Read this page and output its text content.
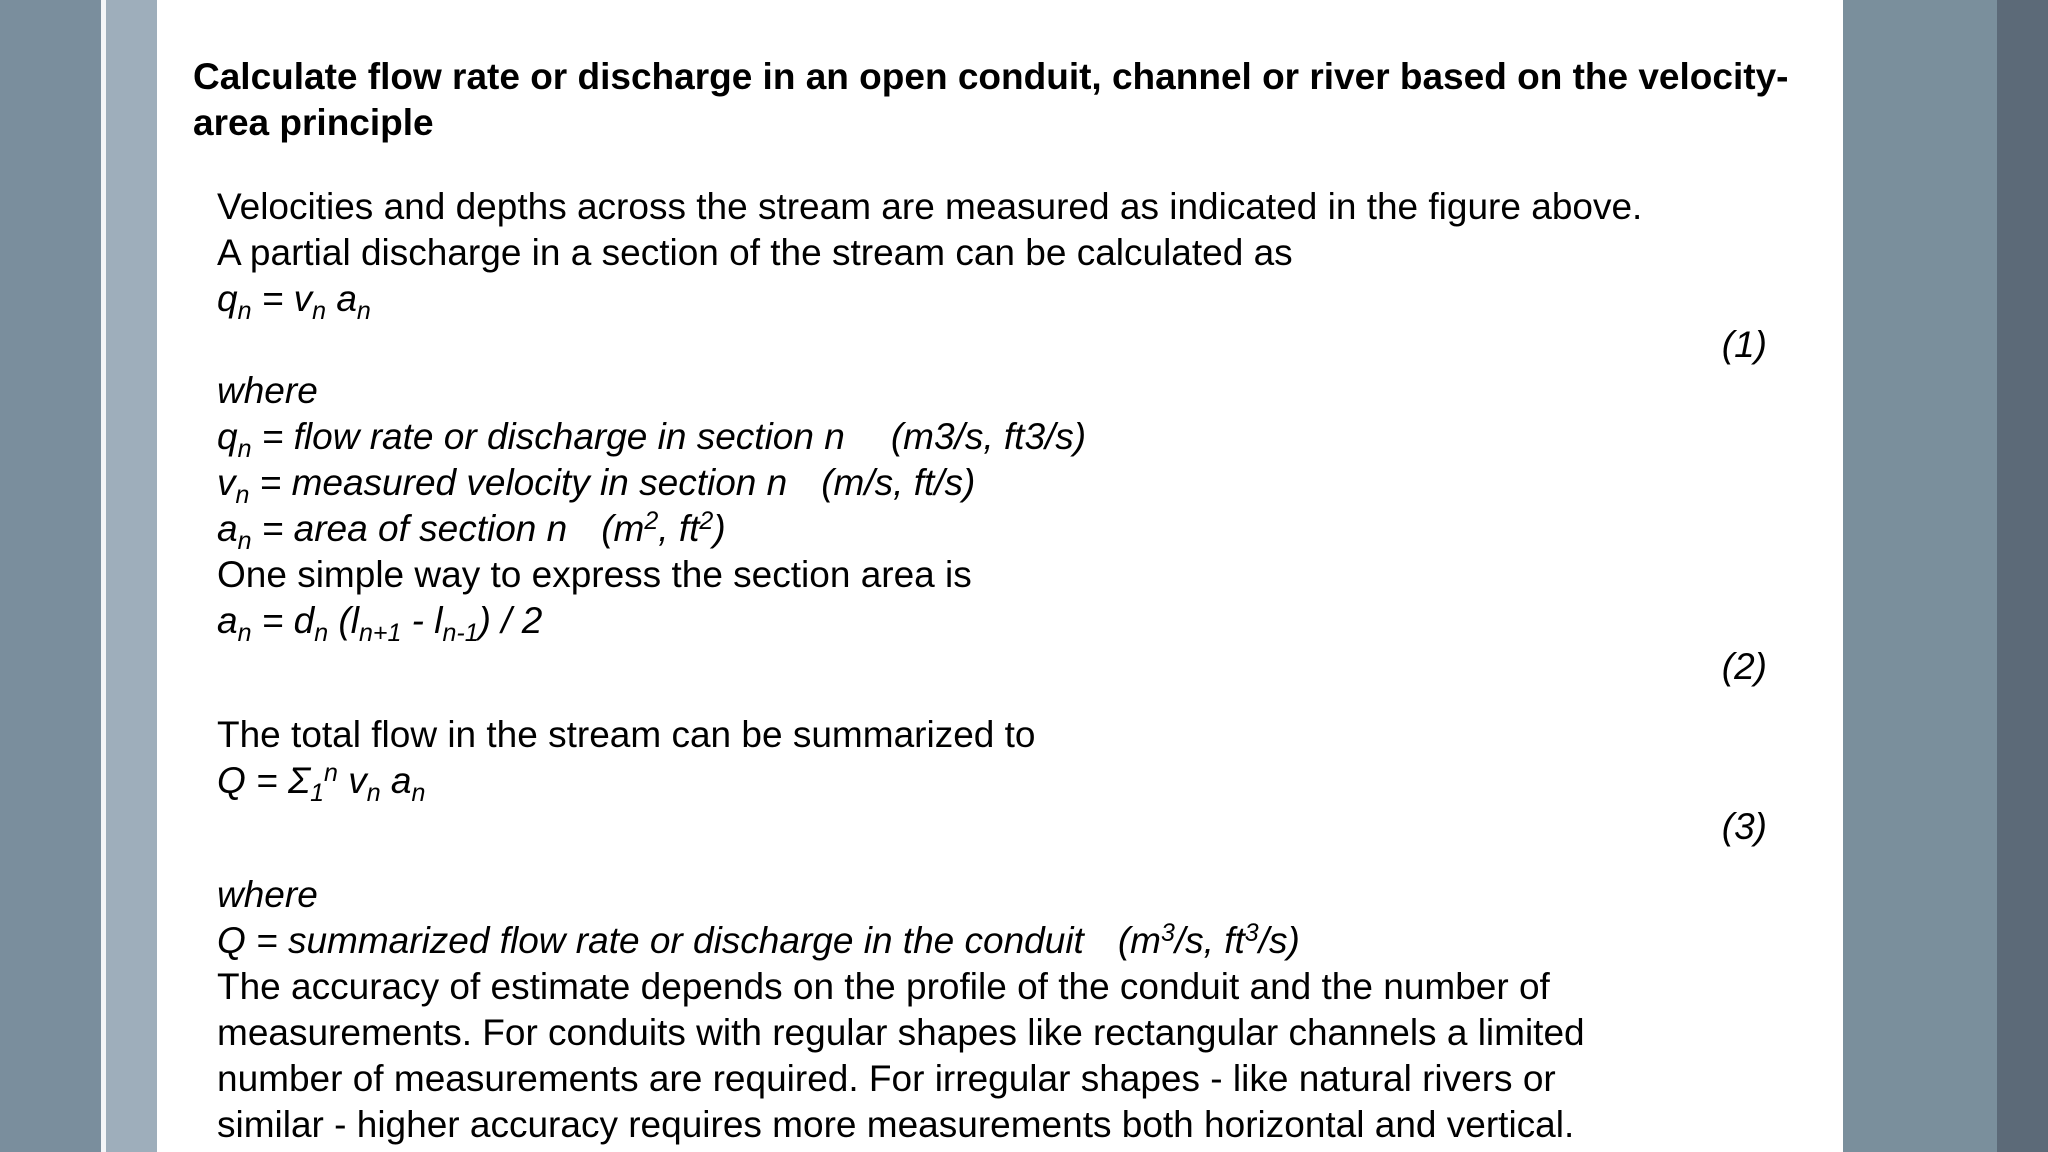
Calculate flow rate or discharge in an open conduit, channel or river based on the velocity-area principle
Velocities and depths across the stream are measured as indicated in the figure above.
A partial discharge in a section of the stream can be calculated as
$q_n = v_n$ $a_n$
(1)
where
$q_n$ = flow rate or discharge in section n (m3/s, ft3/s)
$v_n$ = measured velocity in section n (m/s, ft/s)
$a_n$ = area of section n ($m^2$, $ft^2$)
One simple way to express the section area is
$a_n = d_n$ $(l_{n+1} - l_{n-1}) / 2$
(2)
The total flow in the stream can be summarized to
$Q = \Sigma_1^n$ $v_n$ $a_n$
(3)
where
Q = summarized flow rate or discharge in the conduit ($m^3/s$, $ft^3/s$)
The accuracy of estimate depends on the profile of the conduit and the number of
measurements. For conduits with regular shapes like rectangular channels a limited
number of measurements are required. For irregular shapes - like natural rivers or
similar - higher accuracy requires more measurements both horizontal and vertical.
